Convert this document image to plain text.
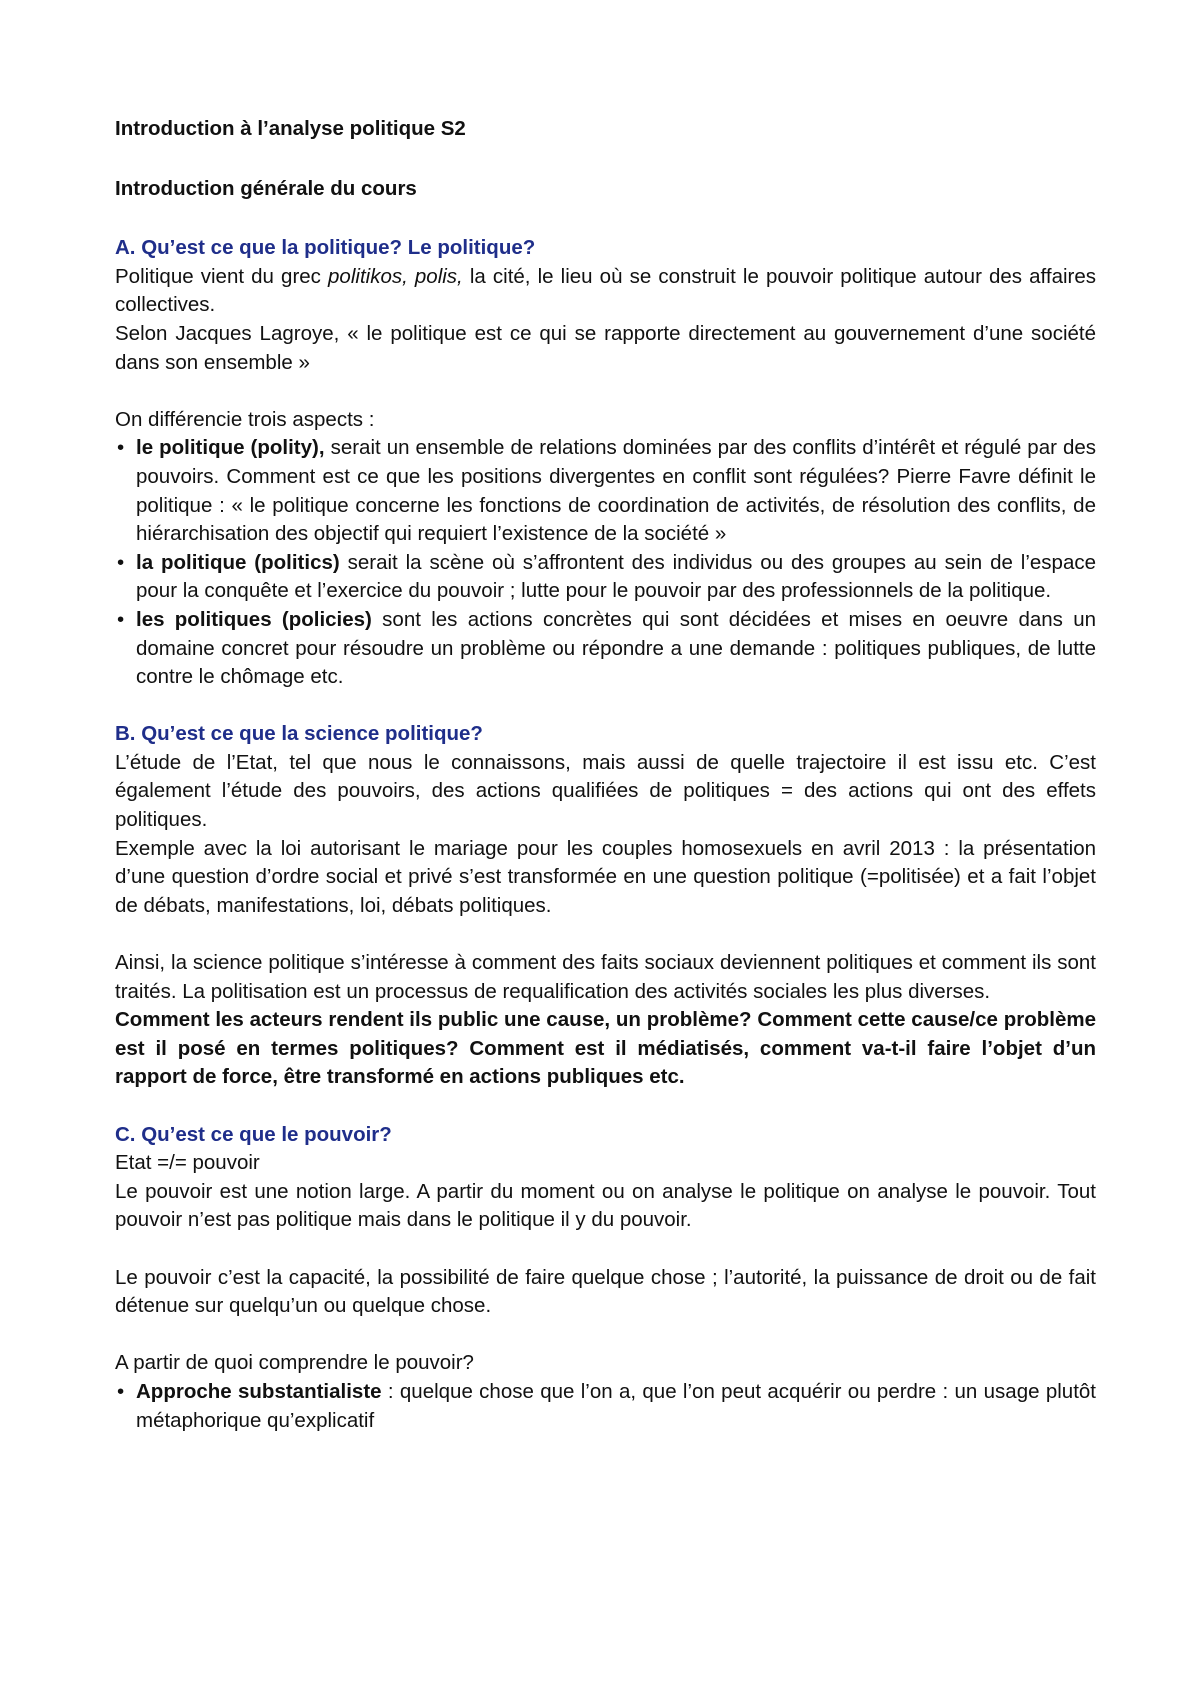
Introduction à l’analyse politique S2

Introduction générale du cours

A. Qu’est ce que la politique? Le politique?

Politique vient du grec politikos, polis, la cité, le lieu où se construit le pouvoir politique autour des affaires collectives.

Selon Jacques Lagroye, « le politique est ce qui se rapporte directement au gouvernement d’une société dans son ensemble »

On différencie trois aspects :

• le politique (polity), serait un ensemble de relations dominées par des conflits d’intérêt et régulé par des pouvoirs. Comment est ce que les positions divergentes en conflit sont régulées? Pierre Favre définit le politique : « le politique concerne les fonctions de coordination de activités, de résolution des conflits, de hiérarchisation des objectif qui requiert l’existence de la société »
• la politique (politics) serait la scène où s’affrontent des individus ou des groupes au sein de l’espace pour la conquête et l’exercice du pouvoir ; lutte pour le pouvoir par des professionnels de la politique.
• les politiques (policies) sont les actions concrètes qui sont décidées et mises en oeuvre dans un domaine concret pour résoudre un problème ou répondre a une demande : politiques publiques, de lutte contre le chômage etc.

B. Qu’est ce que la science politique?

L’étude de l’Etat, tel que nous le connaissons, mais aussi de quelle trajectoire il est issu etc. C’est également l’étude des pouvoirs, des actions qualifiées de politiques = des actions qui ont des effets politiques.

Exemple avec la loi autorisant le mariage pour les couples homosexuels en avril 2013 : la présentation d’une question d’ordre social et privé s’est transformée en une question politique (=politisée) et a fait l’objet de débats, manifestations, loi, débats politiques.

Ainsi, la science politique s’intéresse à comment des faits sociaux deviennent politiques et comment ils sont traités. La politisation est un processus de requalification des activités sociales les plus diverses.

Comment les acteurs rendent ils public une cause, un problème? Comment cette cause/ce problème est il posé en termes politiques? Comment est il médiatisés, comment va-t-il faire l’objet d’un rapport de force, être transformé en actions publiques etc.

C. Qu’est ce que le pouvoir?

Etat =/= pouvoir

Le pouvoir est une notion large. A partir du moment ou on analyse le politique on analyse le pouvoir. Tout pouvoir n’est pas politique mais dans le politique il y du pouvoir.

Le pouvoir c’est la capacité, la possibilité de faire quelque chose ; l’autorité, la puissance de droit ou de fait détenue sur quelqu’un ou quelque chose.

A partir de quoi comprendre le pouvoir?

• Approche substantialiste : quelque chose que l’on a, que l’on peut acquérir ou perdre : un usage plutôt métaphorique qu’explicatif
